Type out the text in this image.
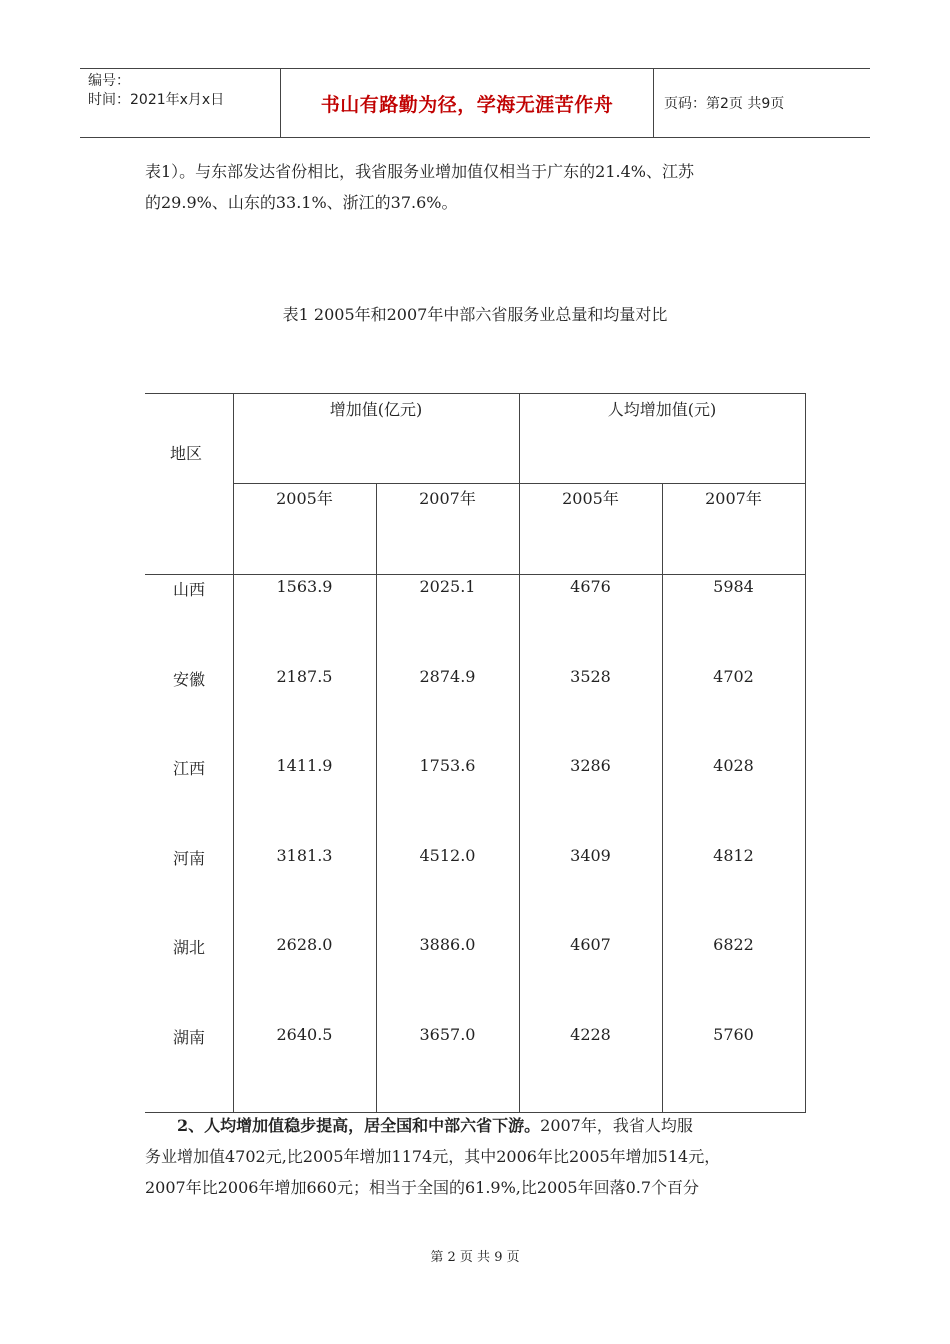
编号：
时间：2021年x月x日	书山有路勤为径，学海无涯苦作舟	页码：第2页 共9页

表1）。与东部发达省份相比，我省服务业增加值仅相当于广东的21.4%、江苏
的29.9%、山东的33.1%、浙江的37.6%。

表1 2005年和2007年中部六省服务业总量和均量对比
地区
增加值(亿元)	人均增加值(元)
2005年	2007年	2005年	2007年
山西	1563.9	2025.1	4676	5984
安徽	2187.5	2874.9	3528	4702
江西	1411.9	1753.6	3286	4028
河南	3181.3	4512.0	3409	4812
湖北	2628.0	3886.0	4607	6822
湖南	2640.5	3657.0	4228	5760

2、人均增加值稳步提高，居全国和中部六省下游。2007年，我省人均服
务业增加值4702元,比2005年增加1174元，其中2006年比2005年增加514元，
2007年比2006年增加660元；相当于全国的61.9%,比2005年回落0.7个百分

第 2 页 共 9 页
